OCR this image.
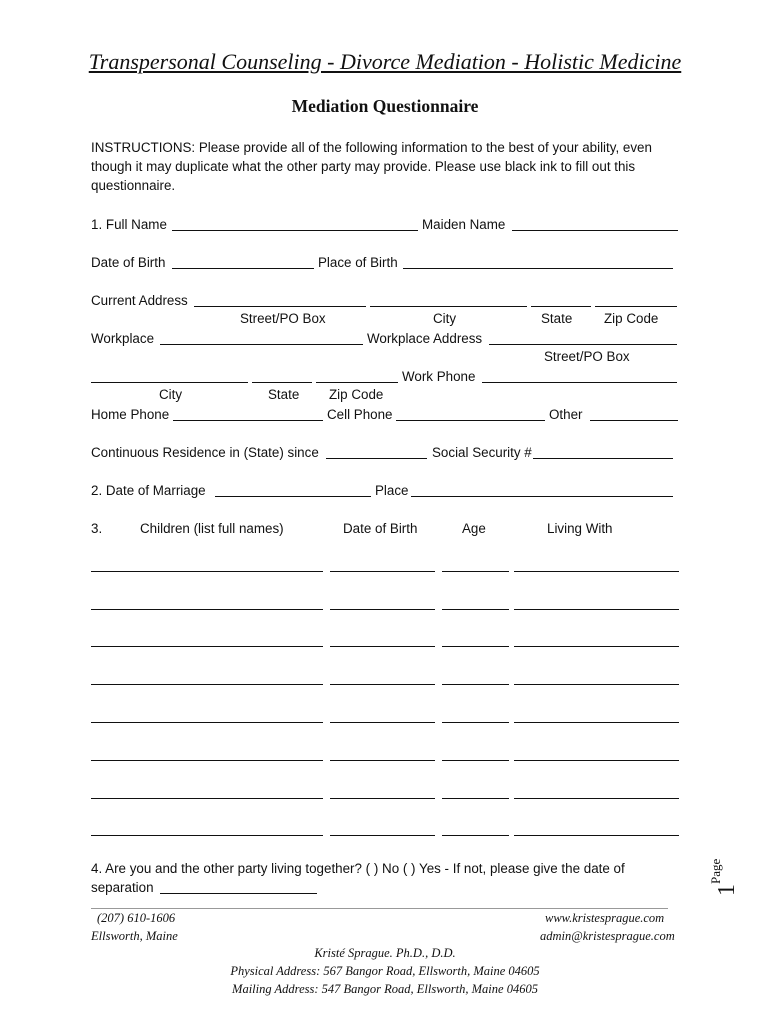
Transpersonal Counseling - Divorce Mediation - Holistic Medicine
Mediation Questionnaire
INSTRUCTIONS: Please provide all of the following information to the best of your ability, even though it may duplicate what the other party may provide. Please use black ink to fill out this questionnaire.
1. Full Name	Maiden Name
Date of Birth	Place of Birth
Current Address
Street/PO Box	City	State Zip Code
Workplace	Workplace Address
Street/PO Box
Work Phone
City	State Zip Code
Home Phone	Cell Phone	Other
Continuous Residence in (State) since	Social Security #
2. Date of Marriage	Place
3.	Children (list full names)	Date of Birth	Age	Living With
4. Are you and the other party living together? ( ) No ( ) Yes - If not, please give the date of
separation
Page
1
(207) 610-1606
Ellsworth, Maine
www.kristesprague.com
admin@kristesprague.com
Kristé Sprague. Ph.D., D.D.
Physical Address: 567 Bangor Road, Ellsworth, Maine 04605
Mailing Address: 547 Bangor Road, Ellsworth, Maine 04605
